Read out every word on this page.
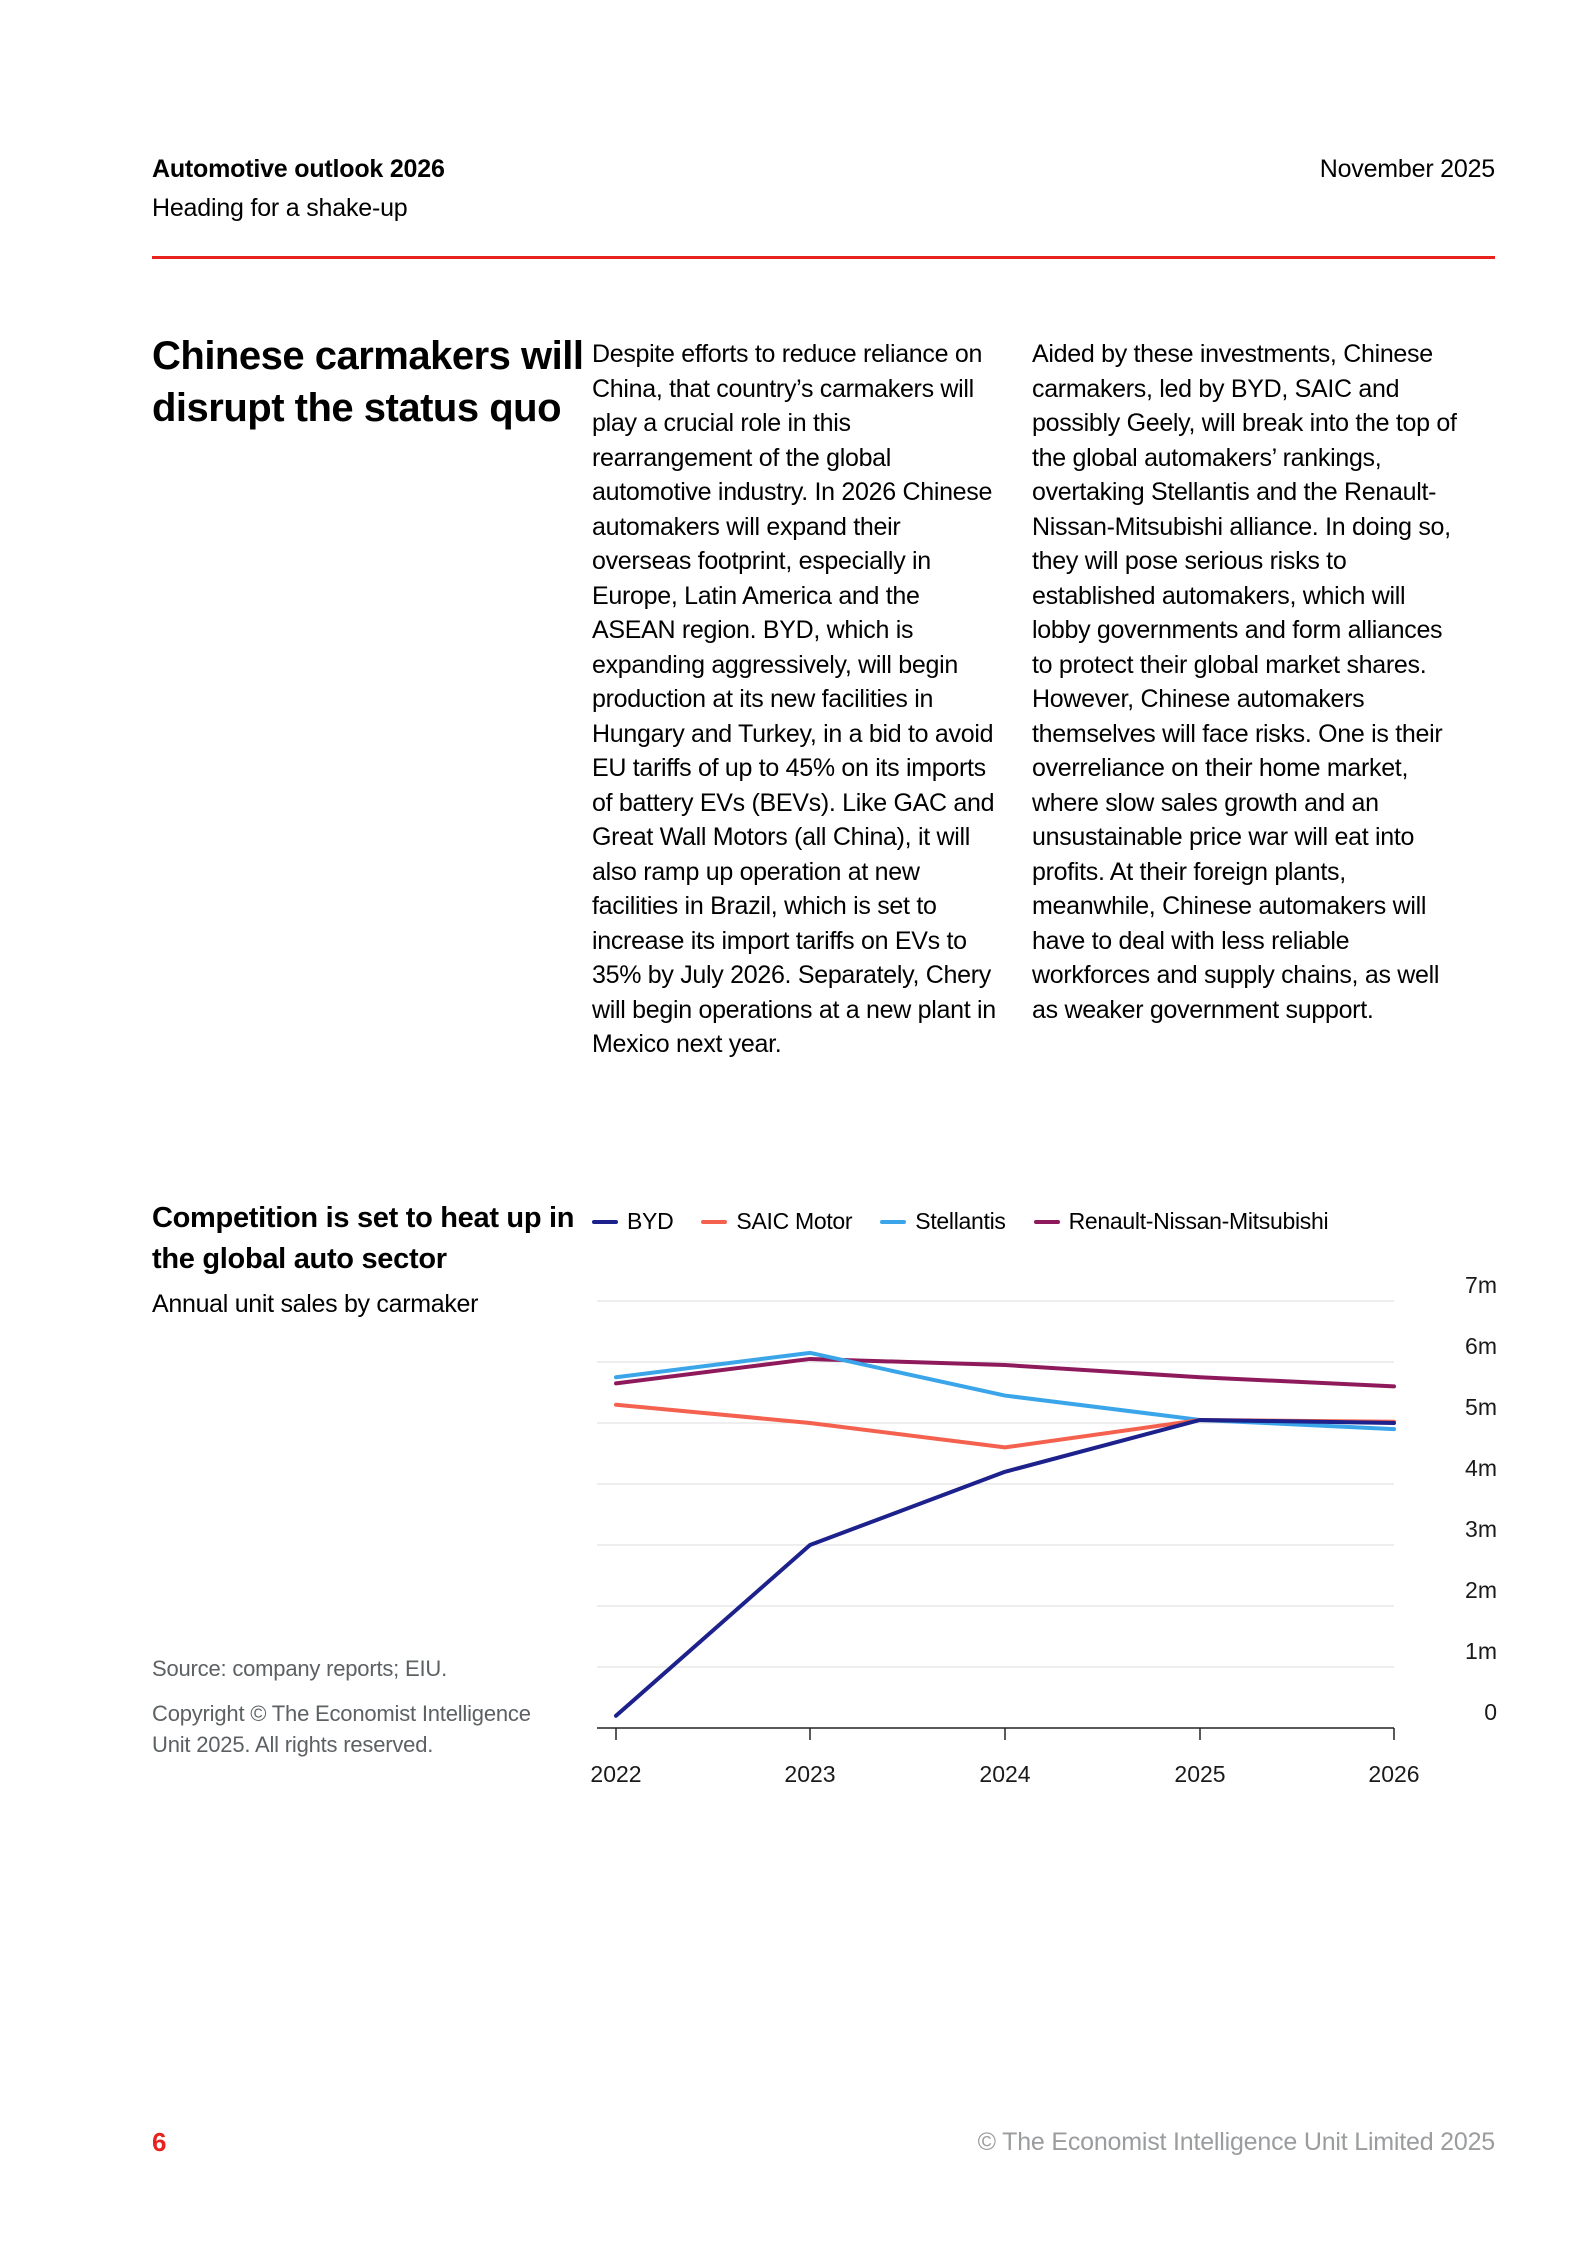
Automotive outlook 2026
Heading for a shake-up
November 2025
Chinese carmakers will disrupt the status quo
Despite efforts to reduce reliance on China, that country’s carmakers will play a crucial role in this rearrangement of the global automotive industry. In 2026 Chinese automakers will expand their overseas footprint, especially in Europe, Latin America and the ASEAN region. BYD, which is expanding aggressively, will begin production at its new facilities in Hungary and Turkey, in a bid to avoid EU tariffs of up to 45% on its imports of battery EVs (BEVs). Like GAC and Great Wall Motors (all China), it will also ramp up operation at new facilities in Brazil, which is set to increase its import tariffs on EVs to 35% by July 2026. Separately, Chery will begin operations at a new plant in Mexico next year.
Aided by these investments, Chinese carmakers, led by BYD, SAIC and possibly Geely, will break into the top of the global automakers’ rankings, overtaking Stellantis and the Renault-Nissan-Mitsubishi alliance. In doing so, they will pose serious risks to established automakers, which will lobby governments and form alliances to protect their global market shares. However, Chinese automakers themselves will face risks. One is their overreliance on their home market, where slow sales growth and an unsustainable price war will eat into profits. At their foreign plants, meanwhile, Chinese automakers will have to deal with less reliable workforces and supply chains, as well as weaker government support.
Competition is set to heat up in the global auto sector
Annual unit sales by carmaker
BYD	SAIC Motor	Stellantis	Renault-Nissan-Mitsubishi
0
1m
2m
3m
4m
5m
6m
7m
2022	2023	2024	2025	2026
Source: company reports; EIU.
Copyright © The Economist Intelligence Unit 2025. All rights reserved.
6	© The Economist Intelligence Unit Limited 2025
